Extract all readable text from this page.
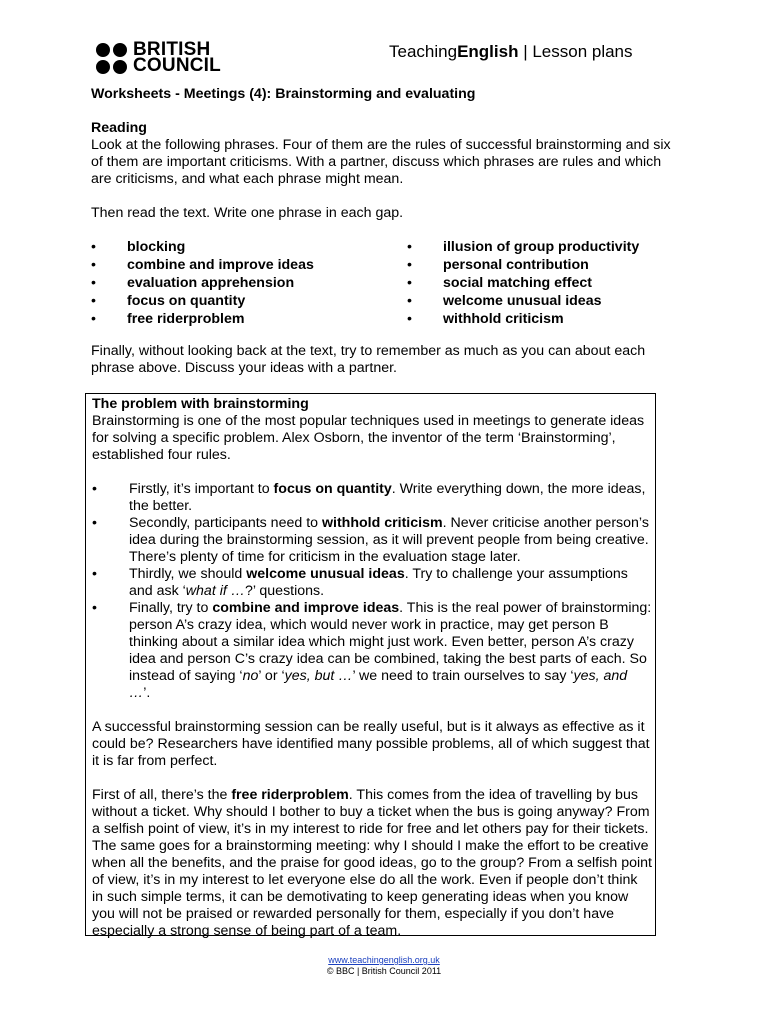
BRITISH
COUNCIL
TeachingEnglish | Lesson plans
Worksheets - Meetings (4): Brainstorming and evaluating
Reading
Look at the following phrases. Four of them are the rules of successful brainstorming and six of them are important criticisms. With a partner, discuss which phrases are rules and which are criticisms, and what each phrase might mean.
Then read the text. Write one phrase in each gap.
• blocking
• combine and improve ideas
• evaluation apprehension
• focus on quantity
• free riderproblem
• illusion of group productivity
• personal contribution
• social matching effect
• welcome unusual ideas
• withhold criticism
Finally, without looking back at the text, try to remember as much as you can about each phrase above. Discuss your ideas with a partner.

The problem with brainstorming

Brainstorming is one of the most popular techniques used in meetings to generate ideas for solving a specific problem. Alex Osborn, the inventor of the term ‘Brainstorming’, established four rules.

• Firstly, it’s important to focus on quantity. Write everything down, the more ideas, the better.
• Secondly, participants need to withhold criticism. Never criticise another person’s idea during the brainstorming session, as it will prevent people from being creative. There’s plenty of time for criticism in the evaluation stage later.
• Thirdly, we should welcome unusual ideas. Try to challenge your assumptions and ask ‘what if …?’ questions.
• Finally, try to combine and improve ideas. This is the real power of brainstorming: person A’s crazy idea, which would never work in practice, may get person B thinking about a similar idea which might just work. Even better, person A’s crazy idea and person C’s crazy idea can be combined, taking the best parts of each. So instead of saying ‘no’ or ‘yes, but …’ we need to train ourselves to say ‘yes, and …’.

A successful brainstorming session can be really useful, but is it always as effective as it could be? Researchers have identified many possible problems, all of which suggest that it is far from perfect.

First of all, there’s the free riderproblem. This comes from the idea of travelling by bus without a ticket. Why should I bother to buy a ticket when the bus is going anyway? From a selfish point of view, it’s in my interest to ride for free and let others pay for their tickets. The same goes for a brainstorming meeting: why I should I make the effort to be creative when all the benefits, and the praise for good ideas, go to the group? From a selfish point of view, it’s in my interest to let everyone else do all the work. Even if people don’t think in such simple terms, it can be demotivating to keep generating ideas when you know you will not be praised or rewarded personally for them, especially if you don’t have especially a strong sense of being part of a team.

www.teachingenglish.org.uk
© BBC | British Council 2011
